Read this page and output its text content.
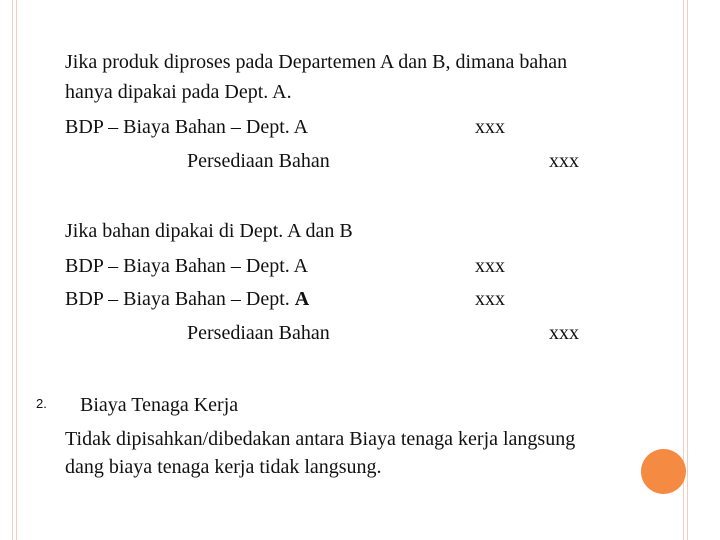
Jika produk diproses pada Departemen A dan B, dimana bahan
hanya dipakai pada Dept. A.
BDP – Biaya Bahan – Dept. A	xxx
Persediaan Bahan	xxx
Jika bahan dipakai di Dept. A dan B
BDP – Biaya Bahan – Dept. A	xxx
BDP – Biaya Bahan – Dept. A	xxx
Persediaan Bahan	xxx
2. Biaya Tenaga Kerja
Tidak dipisahkan/dibedakan antara Biaya tenaga kerja langsung
dang biaya tenaga kerja tidak langsung.
